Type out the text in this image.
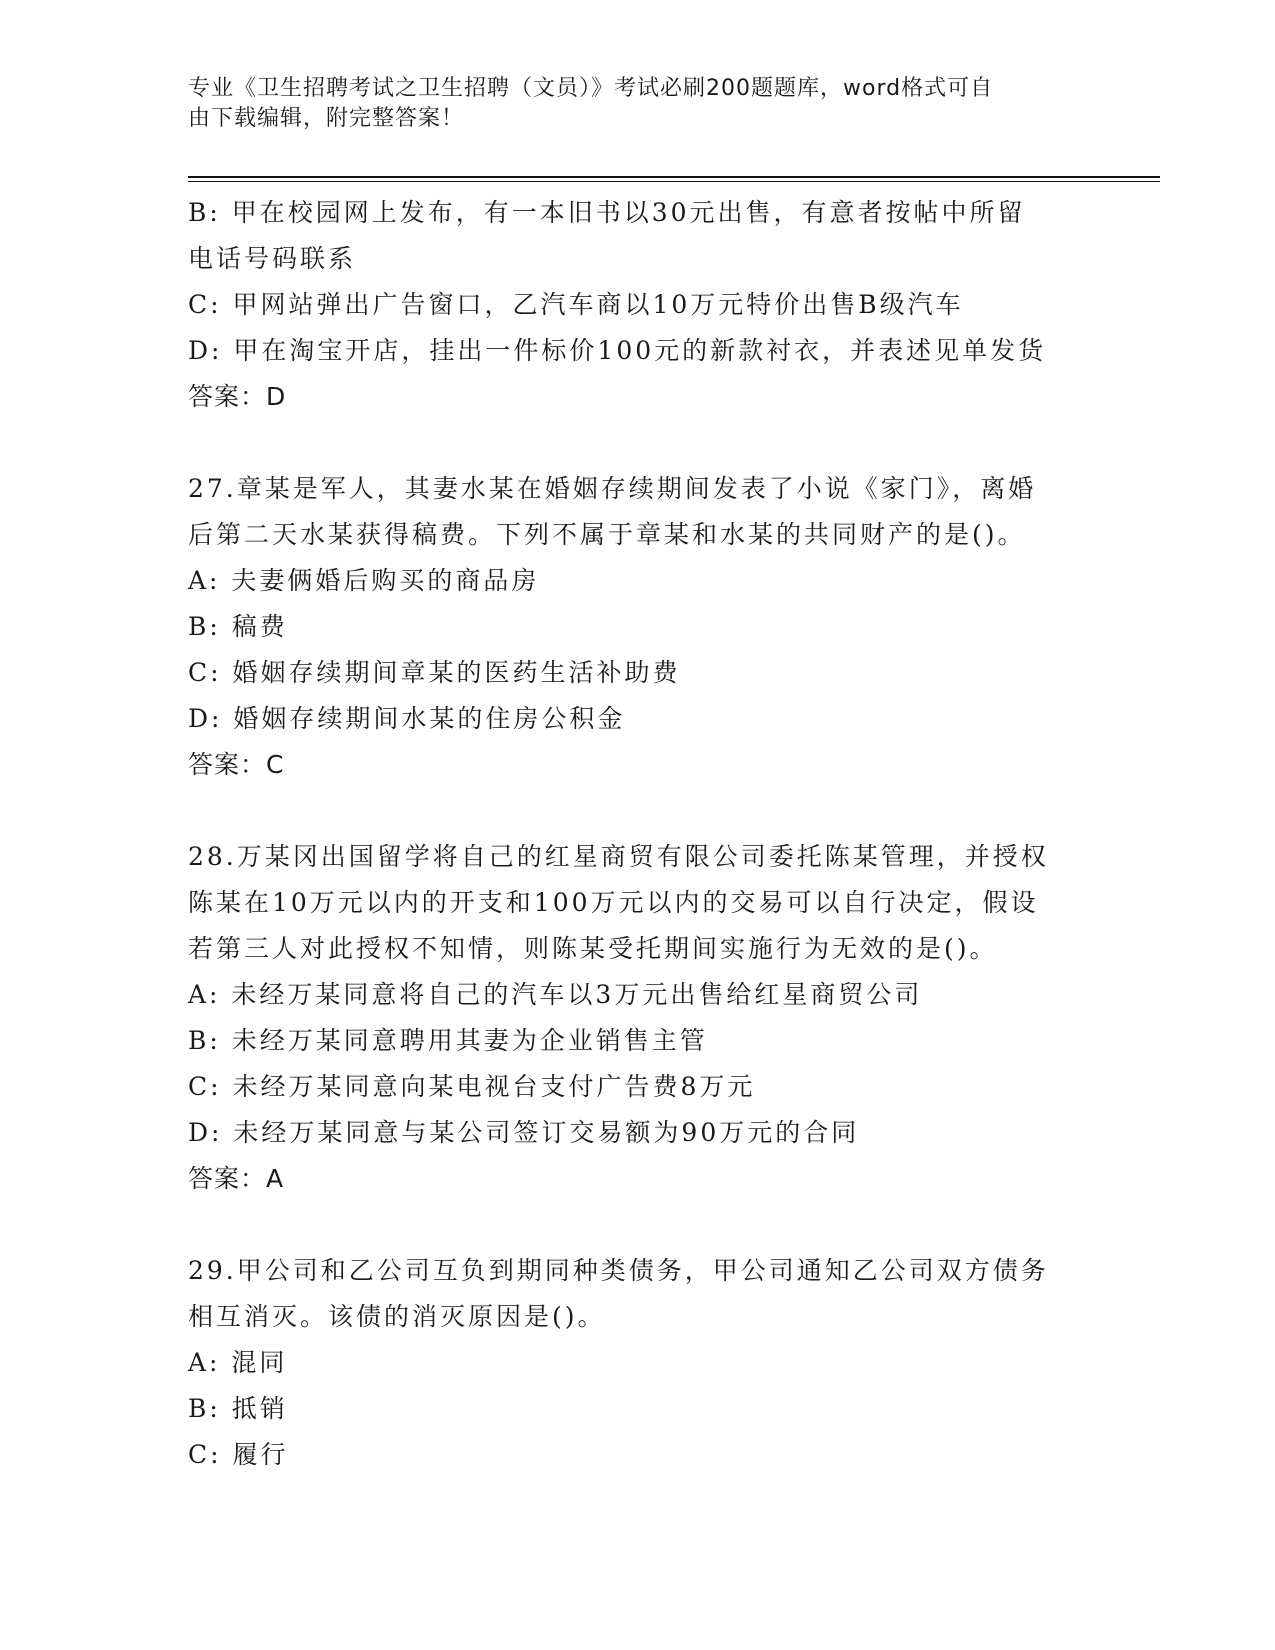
专业《卫生招聘考试之卫生招聘（文员）》考试必刷200题题库，word格式可自
由下载编辑，附完整答案！
B: 甲在校园网上发布，有一本旧书以30元出售，有意者按帖中所留
电话号码联系
C: 甲网站弹出广告窗口，乙汽车商以10万元特价出售B级汽车
D: 甲在淘宝开店，挂出一件标价100元的新款衬衣，并表述见单发货
答案：D
27.章某是军人，其妻水某在婚姻存续期间发表了小说《家门》，离婚
后第二天水某获得稿费。下列不属于章某和水某的共同财产的是()。
A: 夫妻俩婚后购买的商品房
B: 稿费
C: 婚姻存续期间章某的医药生活补助费
D: 婚姻存续期间水某的住房公积金
答案：C
28.万某冈出国留学将自己的红星商贸有限公司委托陈某管理，并授权
陈某在10万元以内的开支和100万元以内的交易可以自行决定，假设
若第三人对此授权不知情，则陈某受托期间实施行为无效的是()。
A: 未经万某同意将自己的汽车以3万元出售给红星商贸公司
B: 未经万某同意聘用其妻为企业销售主管
C: 未经万某同意向某电视台支付广告费8万元
D: 未经万某同意与某公司签订交易额为90万元的合同
答案：A
29.甲公司和乙公司互负到期同种类债务，甲公司通知乙公司双方债务
相互消灭。该债的消灭原因是()。
A: 混同
B: 抵销
C: 履行
